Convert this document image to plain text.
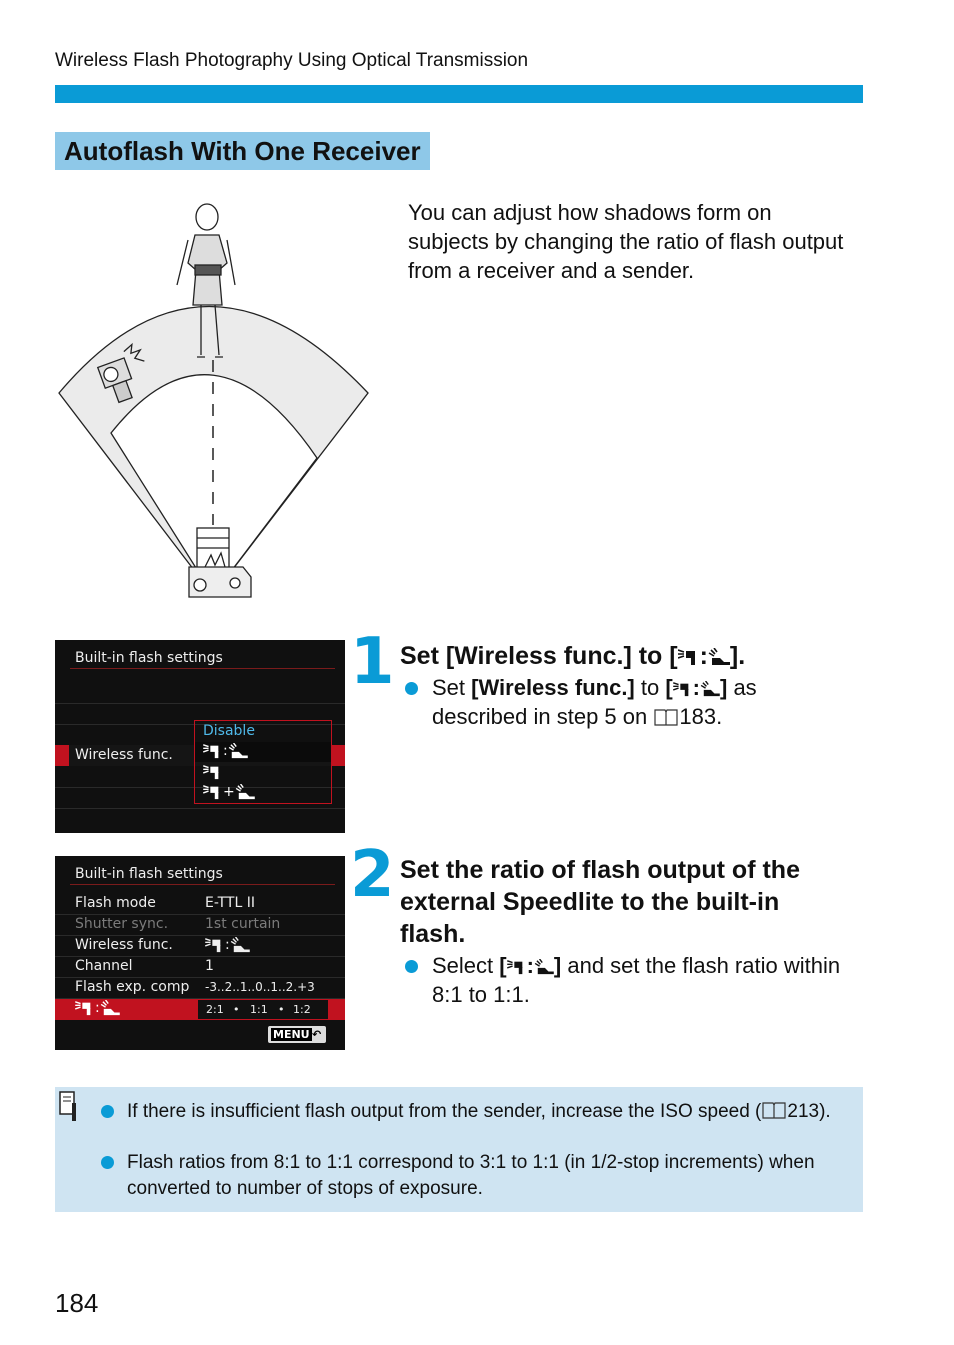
Wireless Flash Photography Using Optical Transmission
Autoflash With One Receiver
You can adjust how shadows form on subjects by changing the ratio of flash output from a receiver and a sender.
Built-in flash settings
Wireless func.
Disable
:
+
1 Set [Wireless func.] to [ : ].
Set [Wireless func.] to [ : ] as described in step 5 on 183.
Built-in flash settings
Flash mode	E-TTL II
Shutter sync.	1st curtain
Wireless func.	:
Channel	1
Flash exp. comp -3..2..1..0..1..2.+3
:	2:1 • 1:1 • 1:2
MENU ↶
2 Set the ratio of flash output of the external Speedlite to the built-in flash.
Select [ : ] and set the flash ratio within 8:1 to 1:1.
If there is insufficient flash output from the sender, increase the ISO speed ( 213).
Flash ratios from 8:1 to 1:1 correspond to 3:1 to 1:1 (in 1/2-stop increments) when converted to number of stops of exposure.
184
